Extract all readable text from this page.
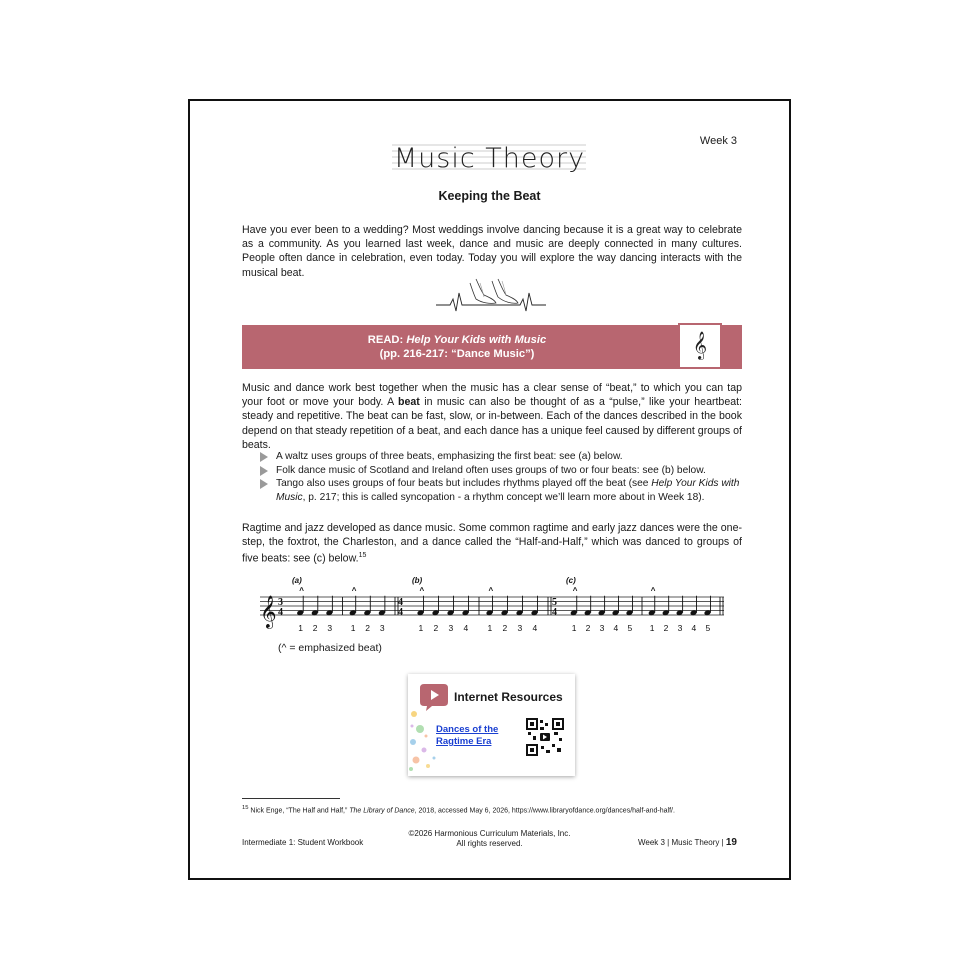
Week 3
Music Theory
Keeping the Beat

Have you ever been to a wedding? Most weddings involve dancing because it is a great way to celebrate as a community. As you learned last week, dance and music are deeply connected in many cultures. People often dance in celebration, even today. Today you will explore the way dancing interacts with the musical beat.

READ: Help Your Kids with Music
(pp. 216-217: “Dance Music”)	𝄞

Music and dance work best together when the music has a clear sense of “beat,” to which you can tap your foot or move your body. A beat in music can also be thought of as a “pulse,” like your heartbeat: steady and repetitive. The beat can be fast, slow, or in-between. Each of the dances described in the book depend on that steady repetition of a beat, and each dance has a unique feel caused by different groups of beats.

A waltz uses groups of three beats, emphasizing the first beat: see (a) below.
Folk dance music of Scotland and Ireland often uses groups of two or four beats: see (b) below.
Tango also uses groups of four beats but includes rhythms played off the beat (see Help Your Kids with Music, p. 217; this is called syncopation - a rhythm concept we’ll learn more about in Week 18).

Ragtime and jazz developed as dance music. Some common ragtime and early jazz dances were the one-step, the foxtrot, the Charleston, and a dance called the “Half-and-Half,” which was danced to groups of five beats: see (c) below.$^{15}$

𝄞 3
4
(a)
1
^
2 3 1
^
2 3
4
4
(b)
1
^
2 3 4 1
^
2 3 4
5
4
(c)
1
^
2 3 4 5 1
^
2 3 4 5
(^ = emphasized beat)
Internet Resources
Dances of the
Ragtime Era
$^{15}$ Nick Enge, “The Half and Half,” The Library of Dance, 2018, accessed May 6, 2026, https://www.libraryofdance.org/dances/half-and-half/.
Intermediate 1: Student Workbook
©2026 Harmonious Curriculum Materials, Inc.
All rights reserved.	Week 3 | Music Theory | 19
